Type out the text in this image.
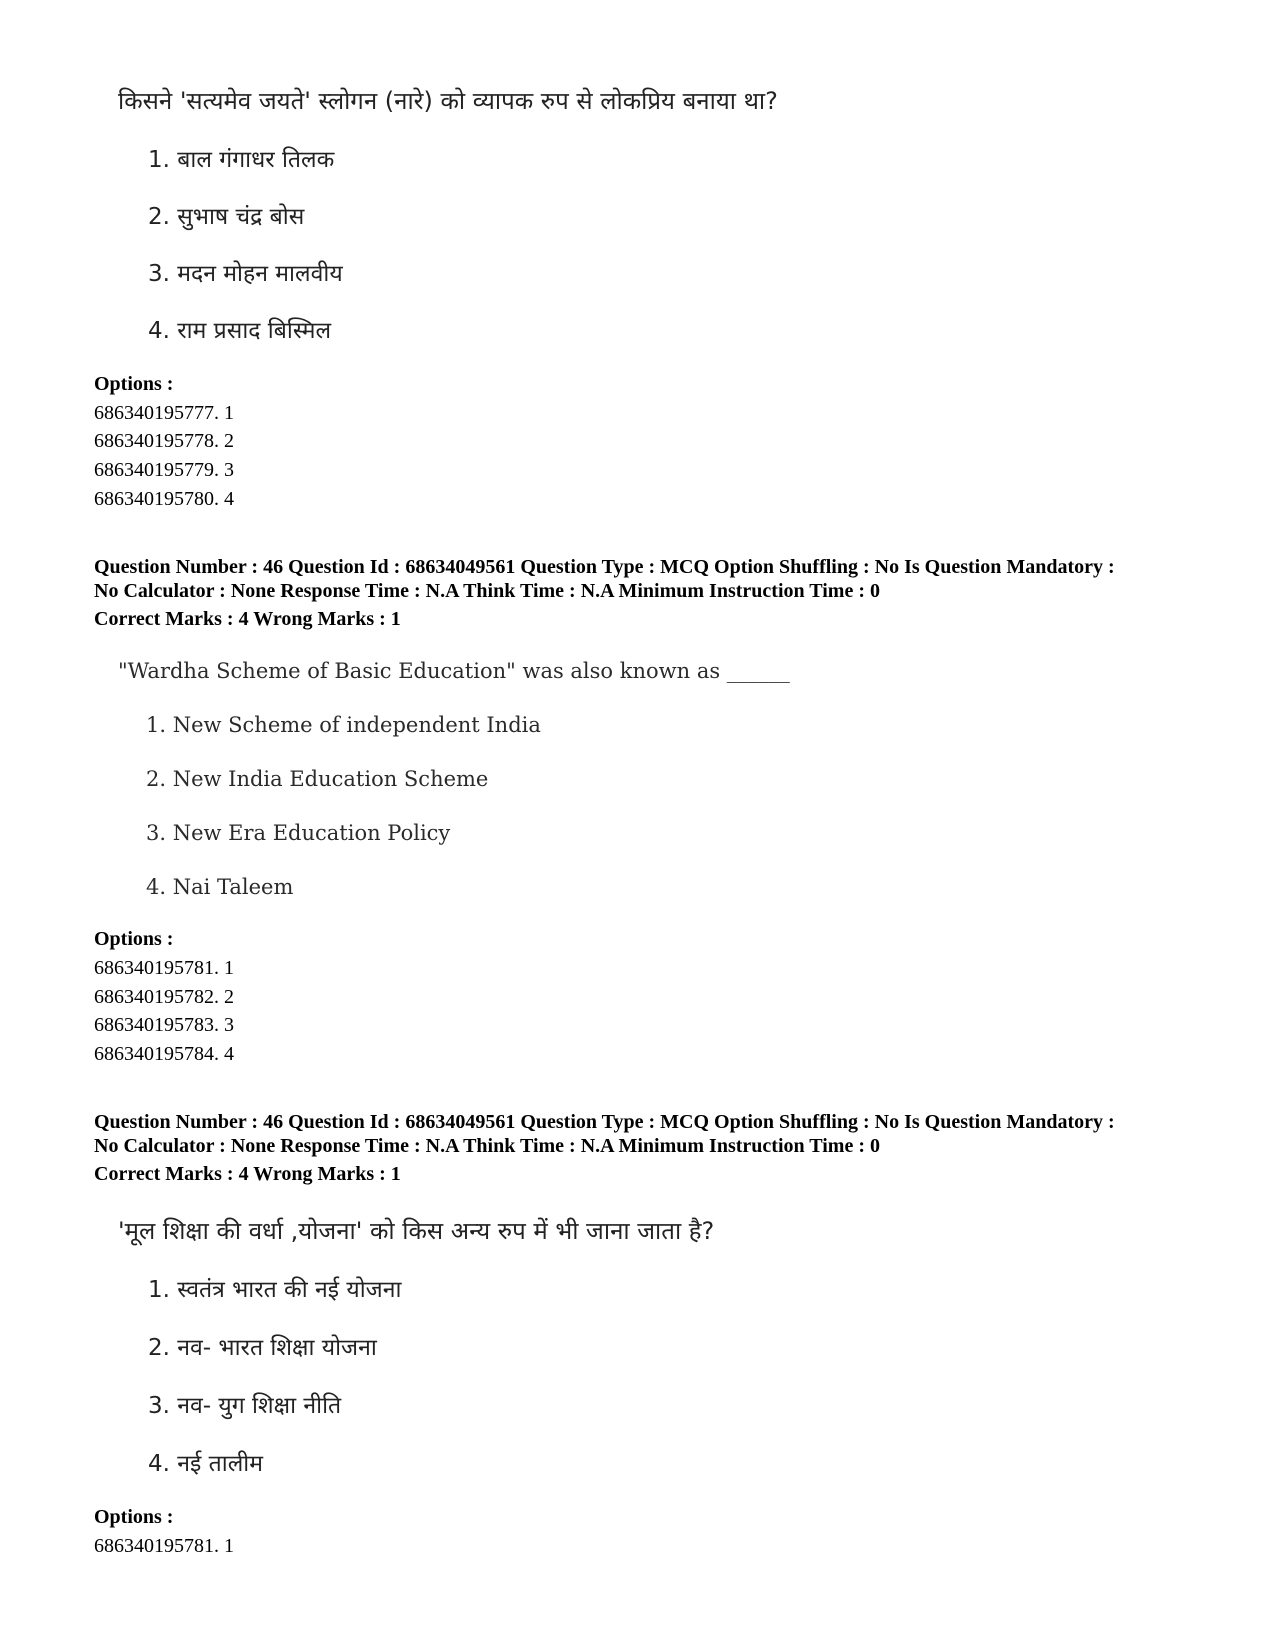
किसने 'सत्यमेव जयते' स्लोगन (नारे) को व्यापक रुप से लोकप्रिय बनाया था?
1. बाल गंगाधर तिलक
2. सुभाष चंद्र बोस
3. मदन मोहन मालवीय
4. राम प्रसाद बिस्मिल
Options :
686340195777. 1
686340195778. 2
686340195779. 3
686340195780. 4
Question Number : 46 Question Id : 68634049561 Question Type : MCQ Option Shuffling : No Is Question Mandatory :
No Calculator : None Response Time : N.A Think Time : N.A Minimum Instruction Time : 0
Correct Marks : 4 Wrong Marks : 1
"Wardha Scheme of Basic Education" was also known as ______
1. New Scheme of independent India
2. New India Education Scheme
3. New Era Education Policy
4. Nai Taleem
Options :
686340195781. 1
686340195782. 2
686340195783. 3
686340195784. 4
Question Number : 46 Question Id : 68634049561 Question Type : MCQ Option Shuffling : No Is Question Mandatory :
No Calculator : None Response Time : N.A Think Time : N.A Minimum Instruction Time : 0
Correct Marks : 4 Wrong Marks : 1
'मूल शिक्षा की वर्धा ,योजना' को किस अन्य रुप में भी जाना जाता है?
1. स्वतंत्र भारत की नई योजना
2. नव- भारत शिक्षा योजना
3. नव- युग शिक्षा नीति
4. नई तालीम
Options :
686340195781. 1
